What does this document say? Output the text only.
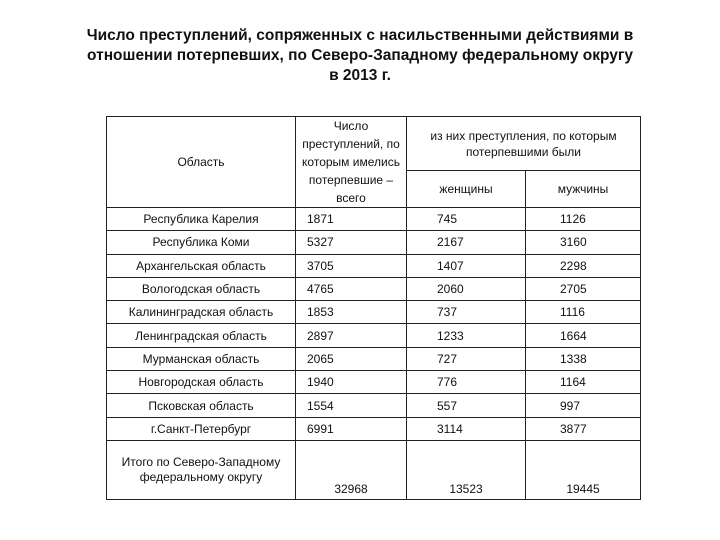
Число преступлений, сопряженных с насильственными действиями в
отношении потерпевших, по Северо-Западному федеральному округу
в 2013 г.
Область	Число преступлений, по которым имелись потерпевшие – всего	из них преступления, по которым потерпевшими были	
		женщины	мужчины
Республика Карелия	1871	745	1126
Республика Коми	5327	2167	3160
Архангельская область	3705	1407	2298
Вологодская область	4765	2060	2705
Калининградская область	1853	737	1116
Ленинградская область	2897	1233	1664
Мурманская область	2065	727	1338
Новгородская область	1940	776	1164
Псковская область	1554	557	997
г.Санкт-Петербург	6991	3114	3877
Итого по Северо-Западному федеральному округу	32968	13523	19445
